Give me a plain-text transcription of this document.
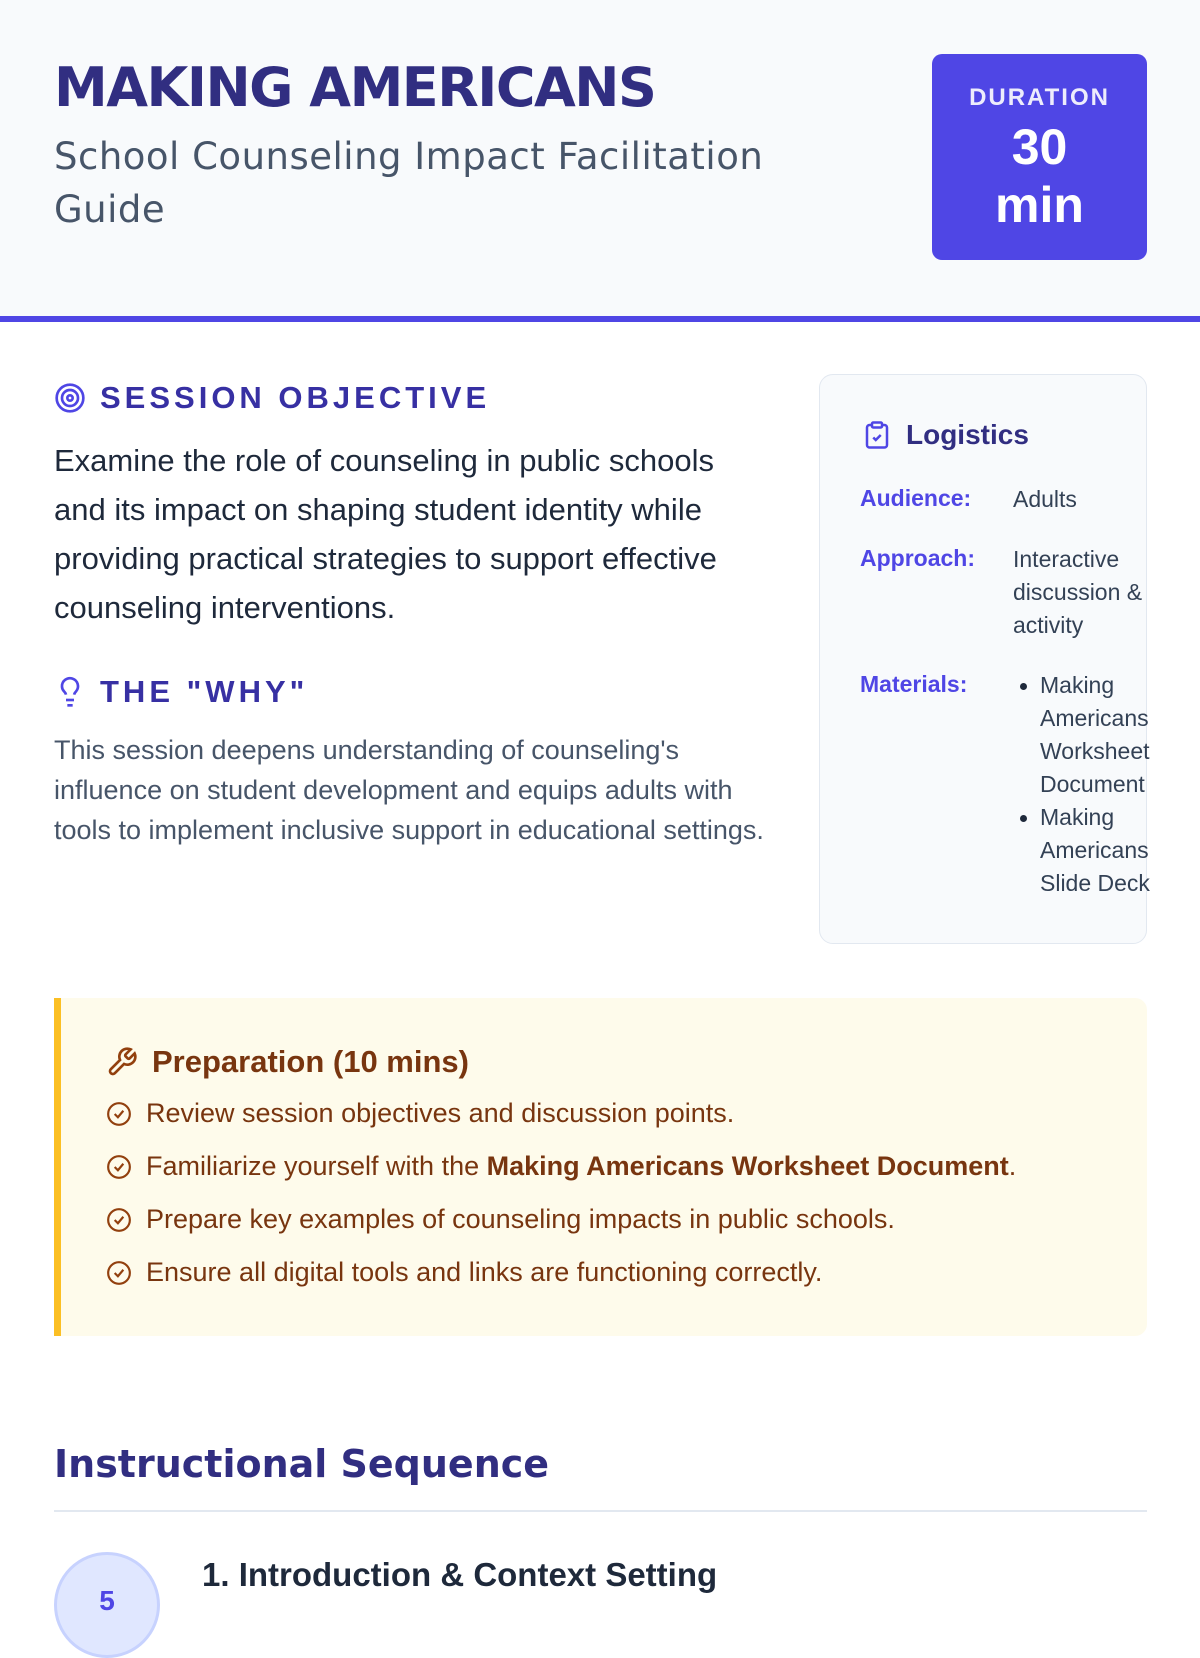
MAKING AMERICANS
School Counseling Impact Facilitation Guide
DURATION
30 min
SESSION OBJECTIVE

Examine the role of counseling in public schools and its impact on shaping student identity while providing practical strategies to support effective counseling interventions.

THE "WHY"

This session deepens understanding of counseling's influence on student development and equips adults with tools to implement inclusive support in educational settings.

Logistics
Audience: Adults
Approach: Interactive discussion & activity
Materials:	Making Americans Worksheet Document
Making Americans Slide Deck
Preparation (10 mins)
Review session objectives and discussion points.
Familiarize yourself with the Making Americans Worksheet Document.
Prepare key examples of counseling impacts in public schools.
Ensure all digital tools and links are functioning correctly.
Instructional Sequence
5
1. Introduction & Context Setting
